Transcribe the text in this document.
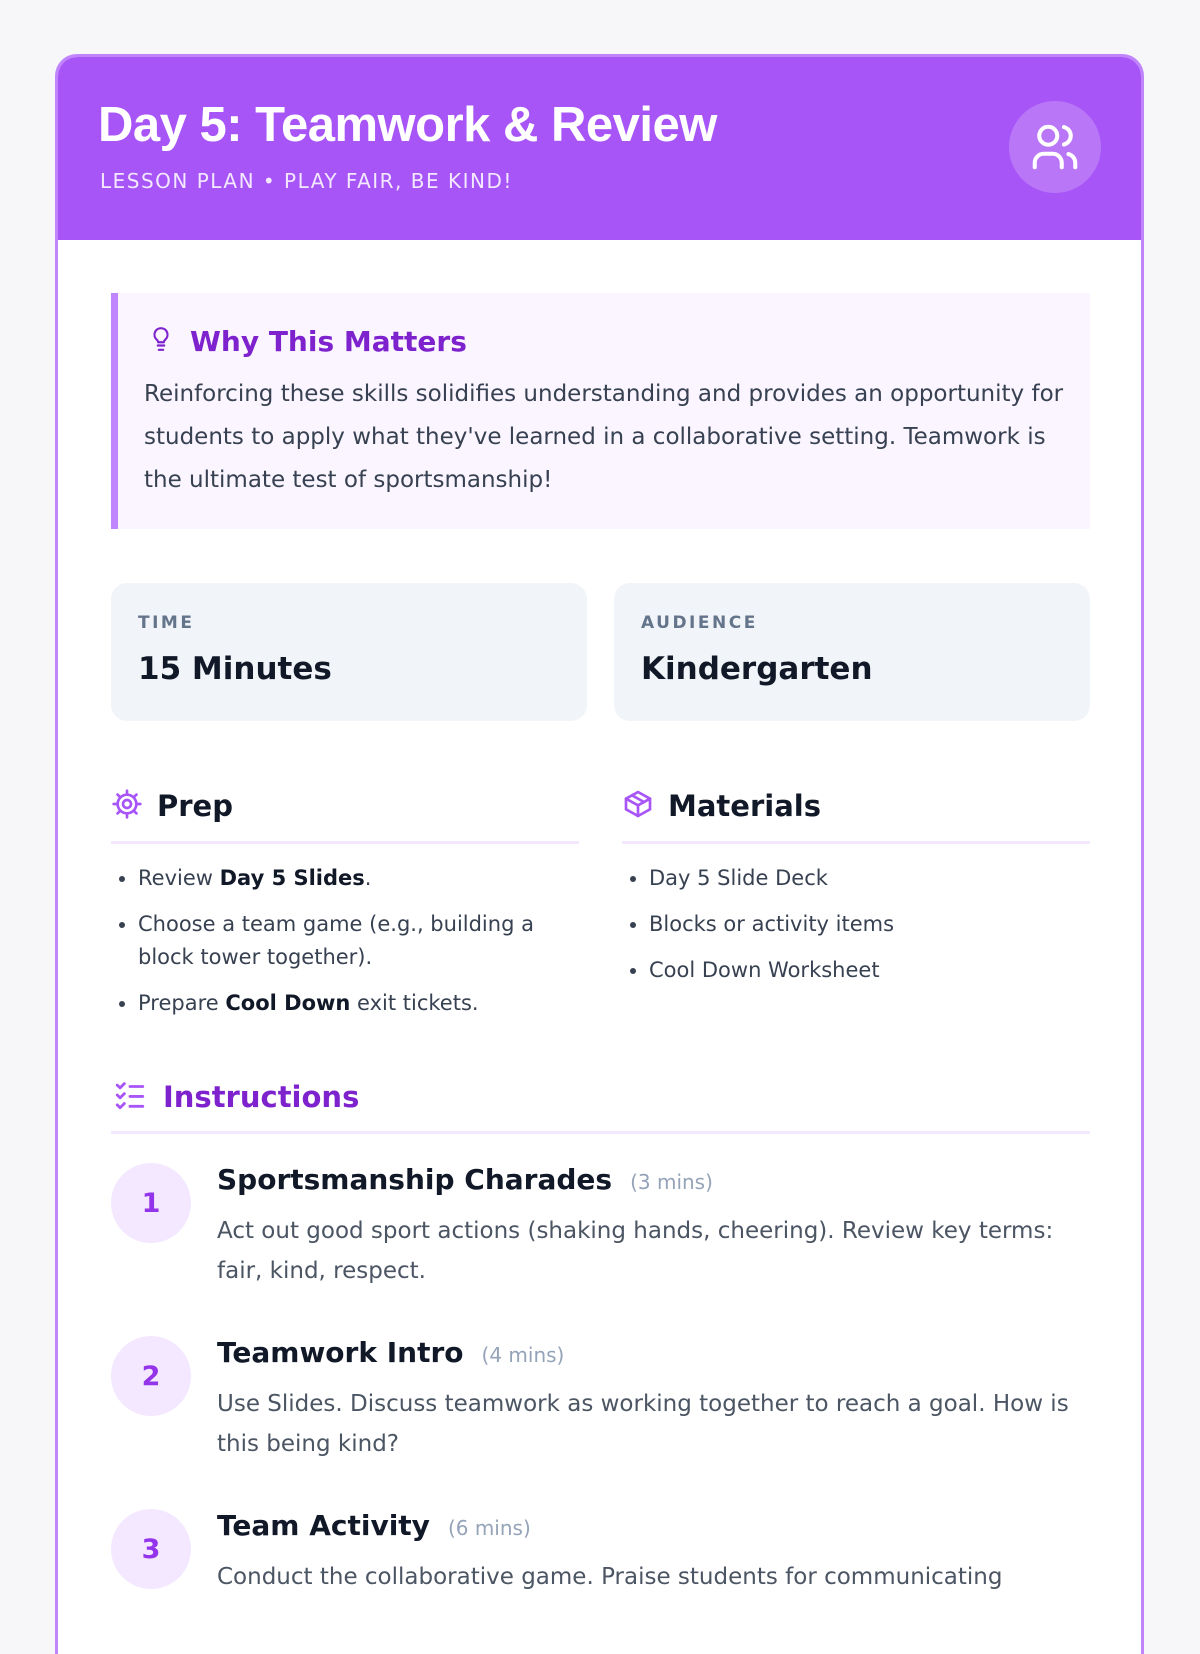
Day 5: Teamwork & Review
LESSON PLAN • PLAY FAIR, BE KIND!
Why This Matters
Reinforcing these skills solidifies understanding and provides an opportunity for students to apply what they've learned in a collaborative setting. Teamwork is the ultimate test of sportsmanship!
TIME
15 Minutes
AUDIENCE
Kindergarten
Prep
• Review Day 5 Slides.
• Choose a team game (e.g., building a block tower together).
• Prepare Cool Down exit tickets.
Materials
• Day 5 Slide Deck
• Blocks or activity items
• Cool Down Worksheet
Instructions
1
Sportsmanship Charades (3 mins)
Act out good sport actions (shaking hands, cheering). Review key terms: fair, kind, respect.
2
Teamwork Intro (4 mins)
Use Slides. Discuss teamwork as working together to reach a goal. How is this being kind?
3
Team Activity (6 mins)
Conduct the collaborative game. Praise students for communicating
